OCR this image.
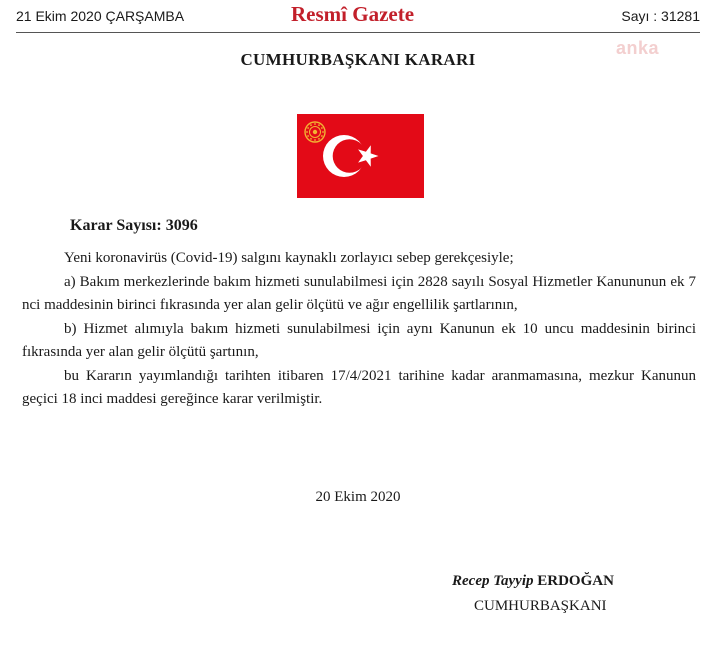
21 Ekim 2020 ÇARŞAMBA	Resmî Gazete	Sayı : 31281
anka
CUMHURBAŞKANI KARARI
Karar Sayısı: 3096

Yeni koronavirüs (Covid-19) salgını kaynaklı zorlayıcı sebep gerekçesiyle;

a) Bakım merkezlerinde bakım hizmeti sunulabilmesi için 2828 sayılı Sosyal Hizmetler Kanununun ek 7 nci maddesinin birinci fıkrasında yer alan gelir ölçütü ve ağır engellilik şartlarının,

b) Hizmet alımıyla bakım hizmeti sunulabilmesi için aynı Kanunun ek 10 uncu maddesinin birinci fıkrasında yer alan gelir ölçütü şartının,

bu Kararın yayımlandığı tarihten itibaren 17/4/2021 tarihine kadar aranmamasına, mezkur Kanunun geçici 18 inci maddesi gereğince karar verilmiştir.

20 Ekim 2020
Recep Tayyip ERDOĞAN
CUMHURBAŞKANI
